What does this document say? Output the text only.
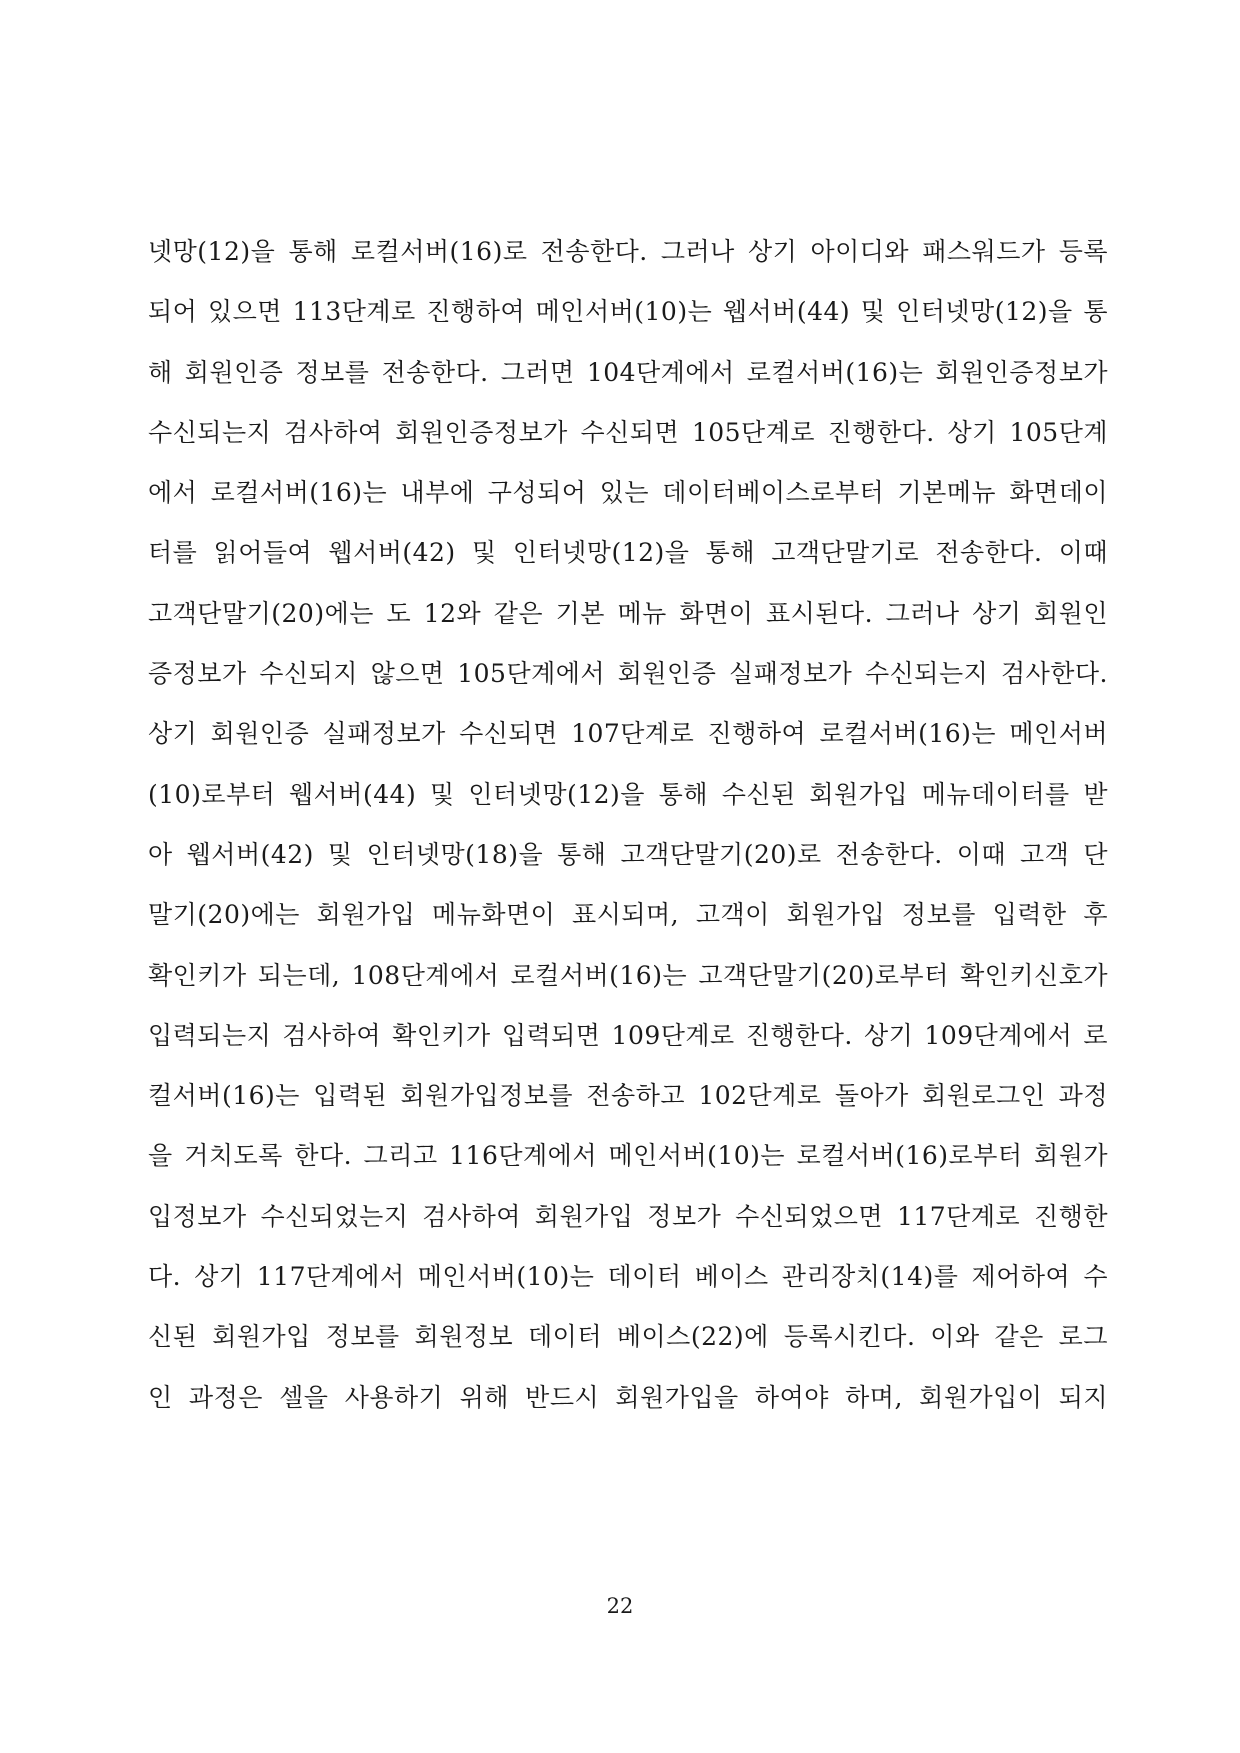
넷망(12)을 통해 로컬서버(16)로 전송한다. 그러나 상기 아이디와 패스워드가 등록
되어 있으면 113단계로 진행하여 메인서버(10)는 웹서버(44) 및 인터넷망(12)을 통
해 회원인증 정보를 전송한다. 그러면 104단계에서 로컬서버(16)는 회원인증정보가
수신되는지 검사하여 회원인증정보가 수신되면 105단계로 진행한다. 상기 105단계
에서 로컬서버(16)는 내부에 구성되어 있는 데이터베이스로부터 기본메뉴 화면데이
터를 읽어들여 웹서버(42) 및 인터넷망(12)을 통해 고객단말기로 전송한다. 이때
고객단말기(20)에는 도 12와 같은 기본 메뉴 화면이 표시된다. 그러나 상기 회원인
증정보가 수신되지 않으면 105단계에서 회원인증 실패정보가 수신되는지 검사한다.
상기 회원인증 실패정보가 수신되면 107단계로 진행하여 로컬서버(16)는 메인서버
(10)로부터 웹서버(44) 및 인터넷망(12)을 통해 수신된 회원가입 메뉴데이터를 받
아 웹서버(42) 및 인터넷망(18)을 통해 고객단말기(20)로 전송한다. 이때 고객 단
말기(20)에는 회원가입 메뉴화면이 표시되며, 고객이 회원가입 정보를 입력한 후
확인키가 되는데, 108단계에서 로컬서버(16)는 고객단말기(20)로부터 확인키신호가
입력되는지 검사하여 확인키가 입력되면 109단계로 진행한다. 상기 109단계에서 로
컬서버(16)는 입력된 회원가입정보를 전송하고 102단계로 돌아가 회원로그인 과정
을 거치도록 한다. 그리고 116단계에서 메인서버(10)는 로컬서버(16)로부터 회원가
입정보가 수신되었는지 검사하여 회원가입 정보가 수신되었으면 117단계로 진행한
다. 상기 117단계에서 메인서버(10)는 데이터 베이스 관리장치(14)를 제어하여 수
신된 회원가입 정보를 회원정보 데이터 베이스(22)에 등록시킨다. 이와 같은 로그
인 과정은 셀을 사용하기 위해 반드시 회원가입을 하여야 하며, 회원가입이 되지
22
